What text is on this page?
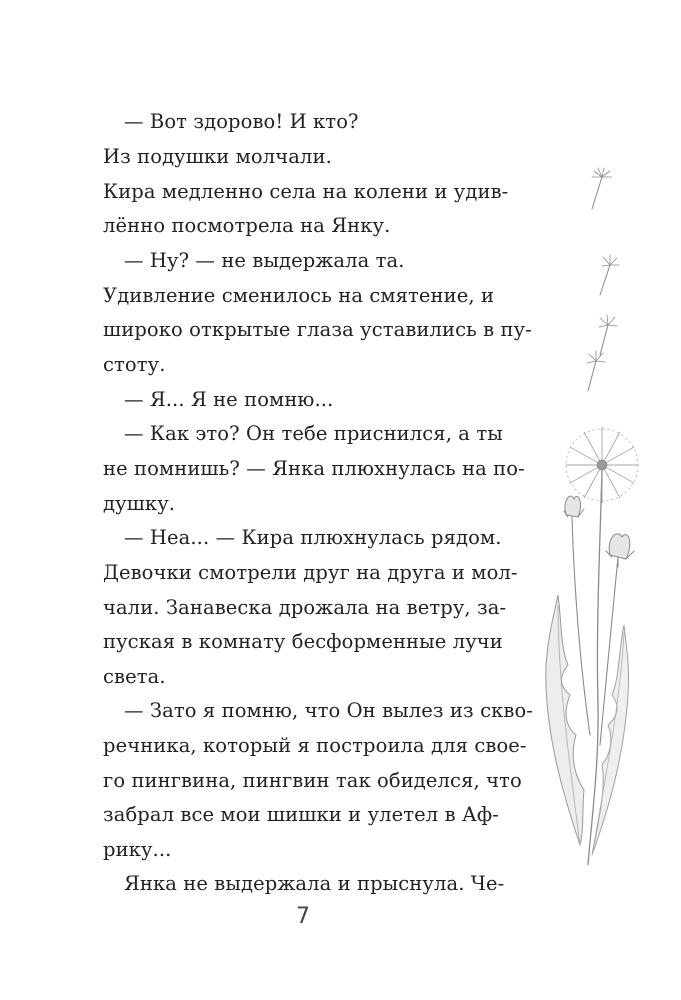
— Вот здорово! И кто?
Из подушки молчали.
Кира медленно села на колени и удив-
лённо посмотрела на Янку.
— Ну? — не выдержала та.
Удивление сменилось на смятение, и
широко открытые глаза уставились в пу-
стоту.
— Я... Я не помню...
— Как это? Он тебе приснился, а ты
не помнишь? — Янка плюхнулась на по-
душку.
— Неа... — Кира плюхнулась рядом.
Девочки смотрели друг на друга и мол-
чали. Занавеска дрожала на ветру, за-
пуская в комнату бесформенные лучи
света.
— Зато я помню, что Он вылез из скво-
речника, который я построила для свое-
го пингвина, пингвин так обиделся, что
забрал все мои шишки и улетел в Аф-
рику...
Янка не выдержала и прыснула. Че-
7
